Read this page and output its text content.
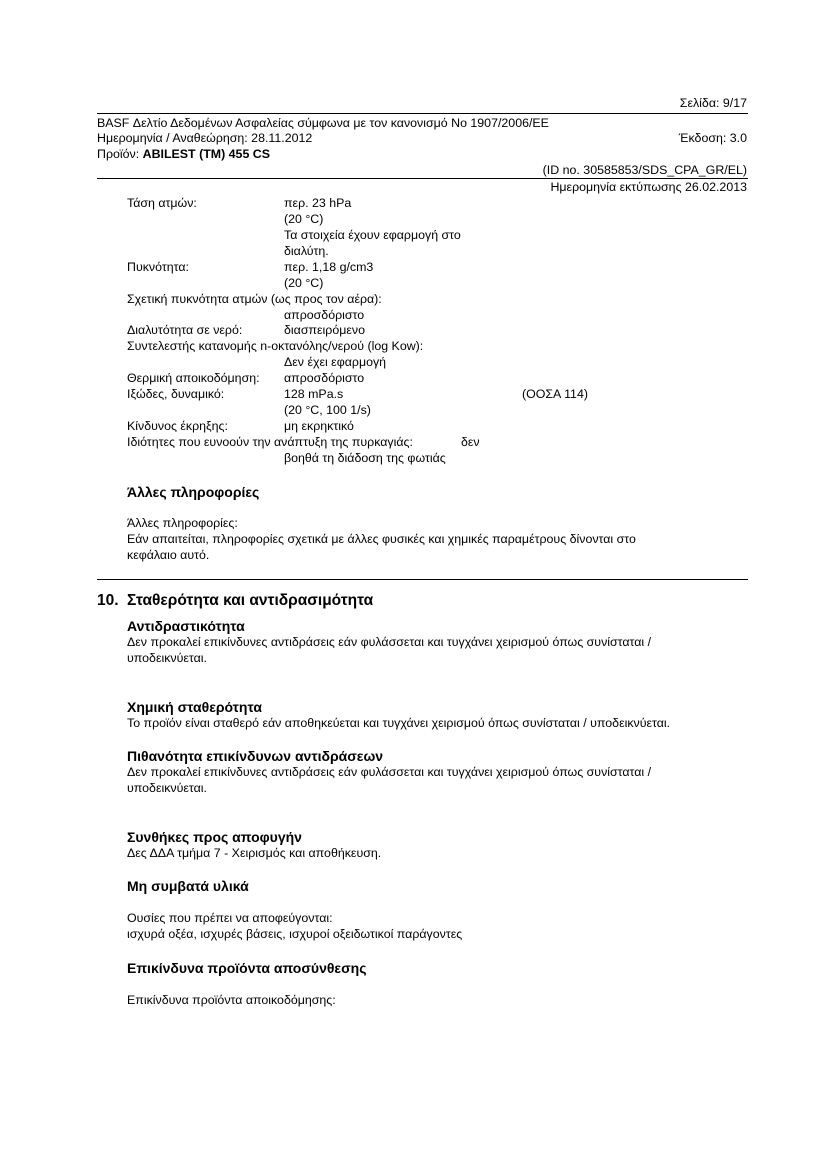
Σελίδα: 9/17
BASF Δελτίο Δεδομένων Ασφαλείας σύμφωνα με τον κανονισμό Νο 1907/2006/ΕΕ
Ημερομηνία / Αναθεώρηση: 28.11.2012	Έκδοση: 3.0
Προϊόν: ABILEST (TM) 455 CS
(ID no. 30585853/SDS_CPA_GR/EL)
Ημερομηνία εκτύπωσης 26.02.2013
Τάση ατμών:	περ. 23 hPa
(20 °C)
Τα στοιχεία έχουν εφαρμογή στο
διαλύτη.
Πυκνότητα:	περ. 1,18 g/cm3
(20 °C)
Σχετική πυκνότητα ατμών (ως προς τον αέρα):
απροσδόριστο
Διαλυτότητα σε νερό:	διασπειρόμενο
Συντελεστής κατανομής n-οκτανόλης/νερού (log Kow):
Δεν έχει εφαρμογή
Θερμική αποικοδόμηση: απροσδόριστο
Ιξώδες, δυναμικό:	128 mPa.s	(ΟΟΣΑ 114)
(20 °C, 100 1/s)
Κίνδυνος έκρηξης:	μη εκρηκτικό
Ιδιότητες που ευνοούν την ανάπτυξη της πυρκαγιάς:	δεν
βοηθά τη διάδοση της φωτιάς
Άλλες πληροφορίες
Άλλες πληροφορίες:
Εάν απαιτείται, πληροφορίες σχετικά με άλλες φυσικές και χημικές παραμέτρους δίνονται στο
κεφάλαιο αυτό.
10. Σταθερότητα και αντιδρασιμότητα
Αντιδραστικότητα
Δεν προκαλεί επικίνδυνες αντιδράσεις εάν φυλάσσεται και τυγχάνει χειρισμού όπως συνίσταται /
υποδεικνύεται.
Χημική σταθερότητα
Το προϊόν είναι σταθερό εάν αποθηκεύεται και τυγχάνει χειρισμού όπως συνίσταται / υποδεικνύεται.
Πιθανότητα επικίνδυνων αντιδράσεων
Δεν προκαλεί επικίνδυνες αντιδράσεις εάν φυλάσσεται και τυγχάνει χειρισμού όπως συνίσταται /
υποδεικνύεται.
Συνθήκες προς αποφυγήν
Δες ΔΔΑ τμήμα 7 - Χειρισμός και αποθήκευση.
Μη συμβατά υλικά
Ουσίες που πρέπει να αποφεύγονται:
ισχυρά οξέα, ισχυρές βάσεις, ισχυροί οξειδωτικοί παράγοντες
Επικίνδυνα προϊόντα αποσύνθεσης
Επικίνδυνα προϊόντα αποικοδόμησης:
